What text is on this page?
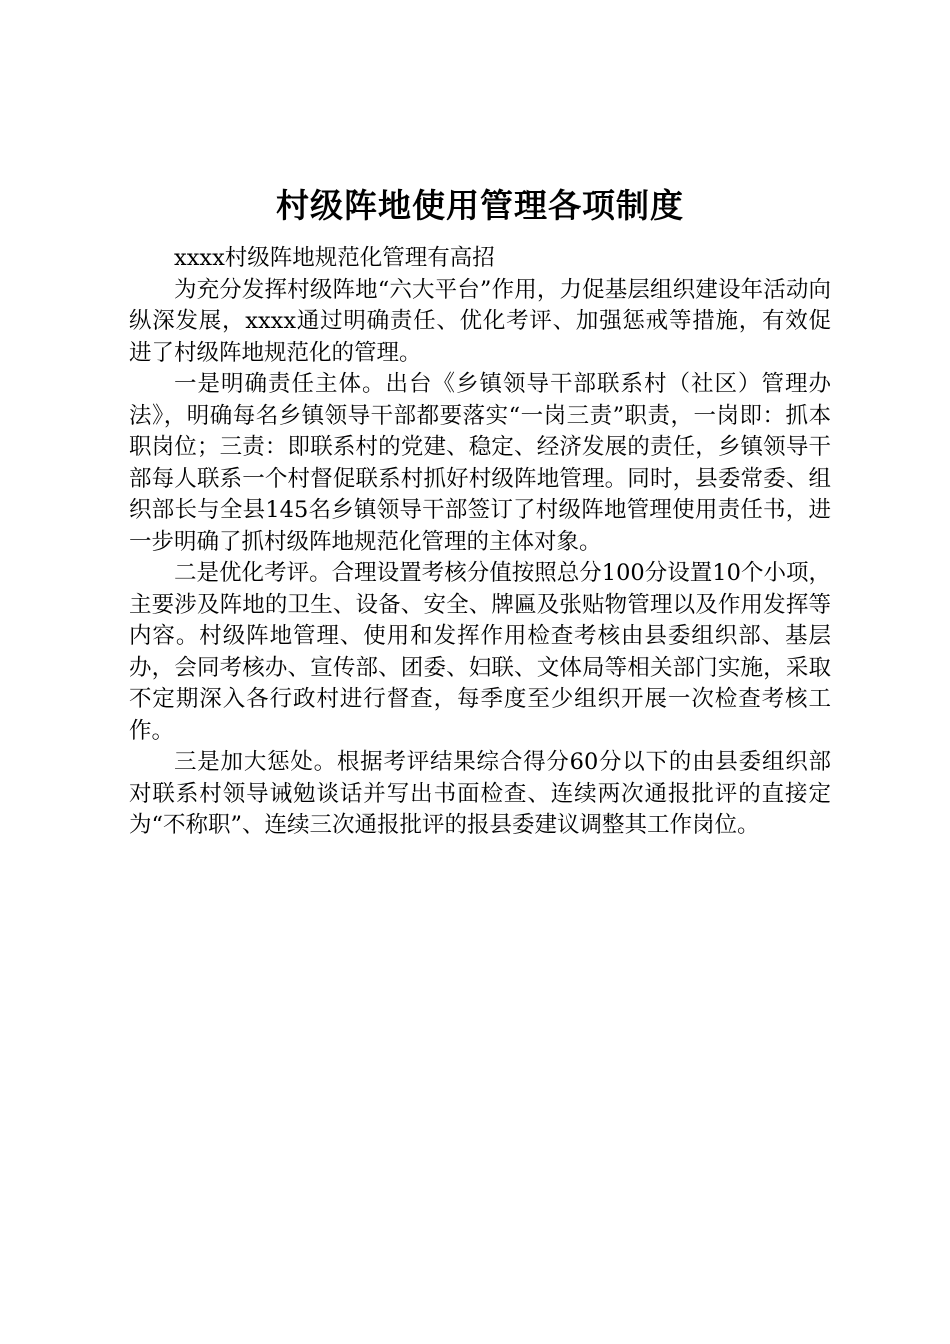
村级阵地使用管理各项制度

xxxx村级阵地规范化管理有高招

为充分发挥村级阵地“六大平台”作用，力促基层组织建设年活动向纵深发展，xxxx通过明确责任、优化考评、加强惩戒等措施，有效促进了村级阵地规范化的管理。

一是明确责任主体。出台《乡镇领导干部联系村（社区）管理办法》，明确每名乡镇领导干部都要落实“一岗三责”职责，一岗即：抓本职岗位；三责：即联系村的党建、稳定、经济发展的责任，乡镇领导干部每人联系一个村督促联系村抓好村级阵地管理。同时，县委常委、组织部长与全县145名乡镇领导干部签订了村级阵地管理使用责任书，进一步明确了抓村级阵地规范化管理的主体对象。

二是优化考评。合理设置考核分值按照总分100分设置10个小项，主要涉及阵地的卫生、设备、安全、牌匾及张贴物管理以及作用发挥等内容。村级阵地管理、使用和发挥作用检查考核由县委组织部、基层办，会同考核办、宣传部、团委、妇联、文体局等相关部门实施，采取不定期深入各行政村进行督查，每季度至少组织开展一次检查考核工作。

三是加大惩处。根据考评结果综合得分60分以下的由县委组织部对联系村领导诫勉谈话并写出书面检查、连续两次通报批评的直接定为“不称职”、连续三次通报批评的报县委建议调整其工作岗位。
